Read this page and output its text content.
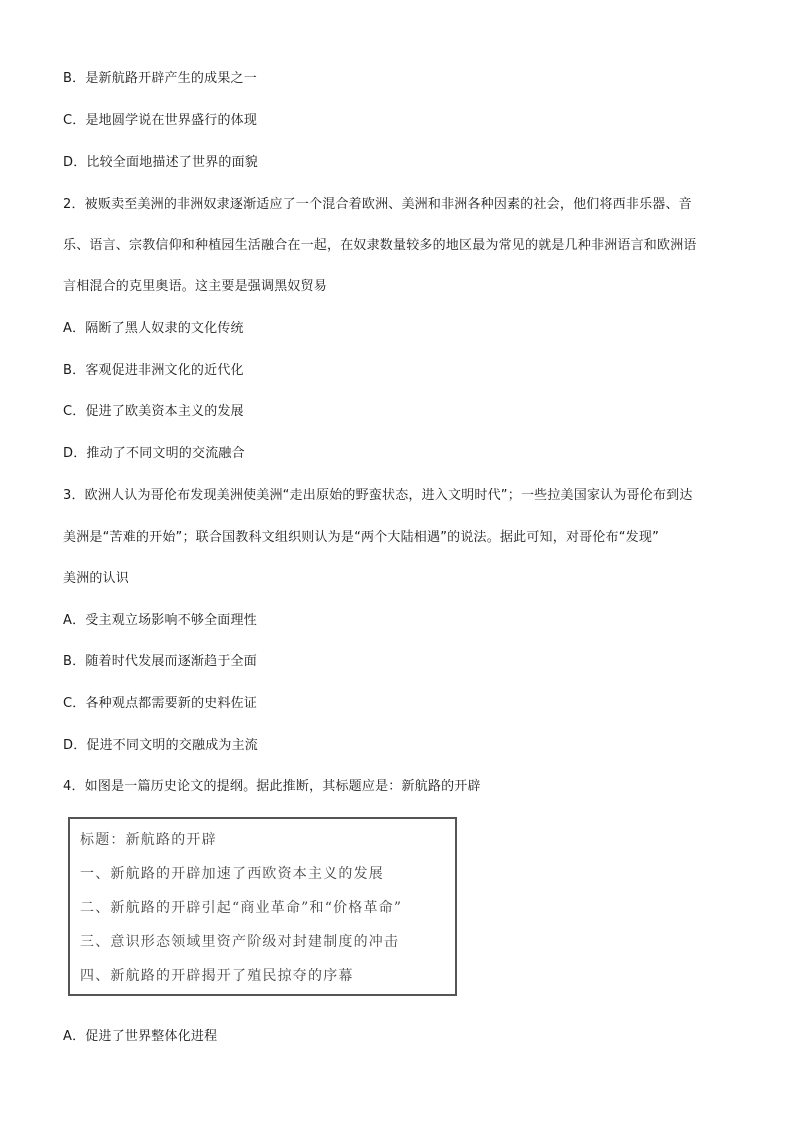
B．是新航路开辟产生的成果之一
C．是地圆学说在世界盛行的体现
D．比较全面地描述了世界的面貌
2．被贩卖至美洲的非洲奴隶逐渐适应了一个混合着欧洲、美洲和非洲各种因素的社会，他们将西非乐器、音
乐、语言、宗教信仰和种植园生活融合在一起，在奴隶数量较多的地区最为常见的就是几种非洲语言和欧洲语
言相混合的克里奥语。这主要是强调黑奴贸易
A．隔断了黑人奴隶的文化传统
B．客观促进非洲文化的近代化
C．促进了欧美资本主义的发展
D．推动了不同文明的交流融合
3．欧洲人认为哥伦布发现美洲使美洲“走出原始的野蛮状态，进入文明时代”；一些拉美国家认为哥伦布到达
美洲是“苦难的开始”；联合国教科文组织则认为是“两个大陆相遇”的说法。据此可知，对哥伦布“发现”
美洲的认识
A．受主观立场影响不够全面理性
B．随着时代发展而逐渐趋于全面
C．各种观点都需要新的史料佐证
D．促进不同文明的交融成为主流
4．如图是一篇历史论文的提纲。据此推断，其标题应是：新航路的开辟
标题：新航路的开辟
一、新航路的开辟加速了西欧资本主义的发展
二、新航路的开辟引起“商业革命”和“价格革命”
三、意识形态领域里资产阶级对封建制度的冲击
四、新航路的开辟揭开了殖民掠夺的序幕
A．促进了世界整体化进程
